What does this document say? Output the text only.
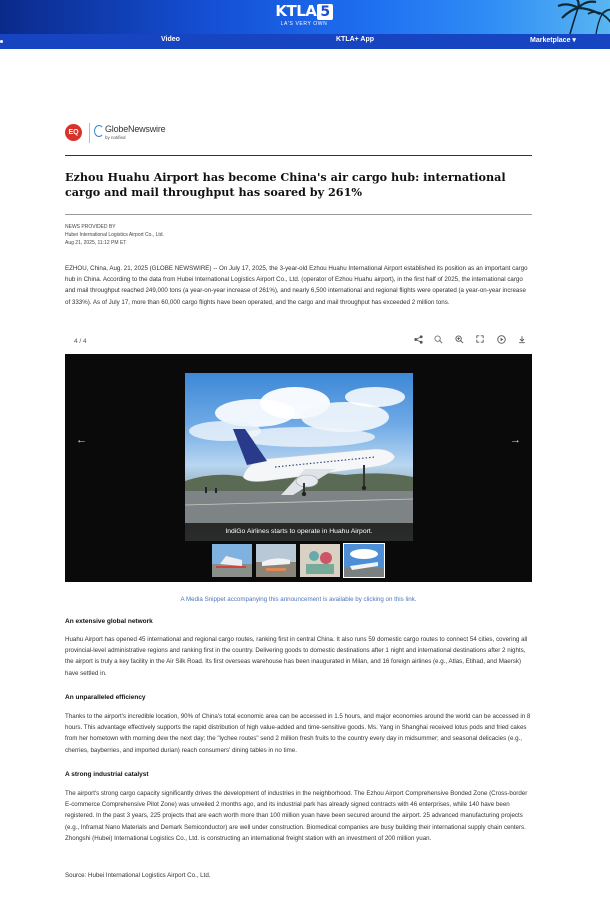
KTLA 5
LA'S VERY OWN
Video	KTLA+ App	Marketplace ▾
EQ	GlobeNewswire
by notified
Ezhou Huahu Airport has become China's air cargo hub: international cargo and mail throughput has soared by 261%
NEWS PROVIDED BY
Hubei International Logistics Airport Co., Ltd.
Aug 21, 2025, 11:12 PM ET

EZHOU, China, Aug. 21, 2025 (GLOBE NEWSWIRE) -- On July 17, 2025, the 3-year-old Ezhou Huahu International Airport established its position as an important cargo hub in China. According to the data from Hubei International Logistics Airport Co., Ltd. (operator of Ezhou Huahu airport), in the first half of 2025, the international cargo and mail throughput reached 249,000 tons (a year-on-year increase of 261%), and nearly 6,500 international and regional flights were operated (a year-on-year increase of 333%). As of July 17, more than 60,000 cargo flights have been operated, and the cargo and mail throughput has exceeded 2 million tons.

4 / 4
←	→
IndiGo Airlines starts to operate in Huahu Airport.
A Media Snippet accompanying this announcement is available by clicking on this link.
An extensive global network

Huahu Airport has opened 45 international and regional cargo routes, ranking first in central China. It also runs 59 domestic cargo routes to connect 54 cities, covering all provincial-level administrative regions and ranking first in the country. Delivering goods to domestic destinations after 1 night and international destinations after 2 nights, the airport is truly a key facility in the Air Silk Road. Its first overseas warehouse has been inaugurated in Milan, and 16 foreign airlines (e.g., Atlas, Etihad, and Maersk) have settled in.

An unparalleled efficiency

Thanks to the airport's incredible location, 90% of China's total economic area can be accessed in 1.5 hours, and major economies around the world can be accessed in 8 hours. This advantage effectively supports the rapid distribution of high value-added and time-sensitive goods. Ms. Yang in Shanghai received lotus pods and fried cakes from her hometown with morning dew the next day; the "lychee routes" send 2 million fresh fruits to the country every day in midsummer; and seasonal delicacies (e.g., cherries, bayberries, and imported durian) reach consumers' dining tables in no time.

A strong industrial catalyst

The airport's strong cargo capacity significantly drives the development of industries in the neighborhood. The Ezhou Airport Comprehensive Bonded Zone (Cross-border E-commerce Comprehensive Pilot Zone) was unveiled 2 months ago, and its industrial park has already signed contracts with 46 enterprises, while 140 have been registered. In the past 3 years, 225 projects that are each worth more than 100 million yuan have been secured around the airport. 25 advanced manufacturing projects (e.g., Inframat Nano Materials and Demark Semiconductor) are well under construction. Biomedical companies are busy building their international supply chain centers. Zhongshi (Hubei) International Logistics Co., Ltd. is constructing an international freight station with an investment of 200 million yuan.

Source: Hubei International Logistics Airport Co., Ltd.
